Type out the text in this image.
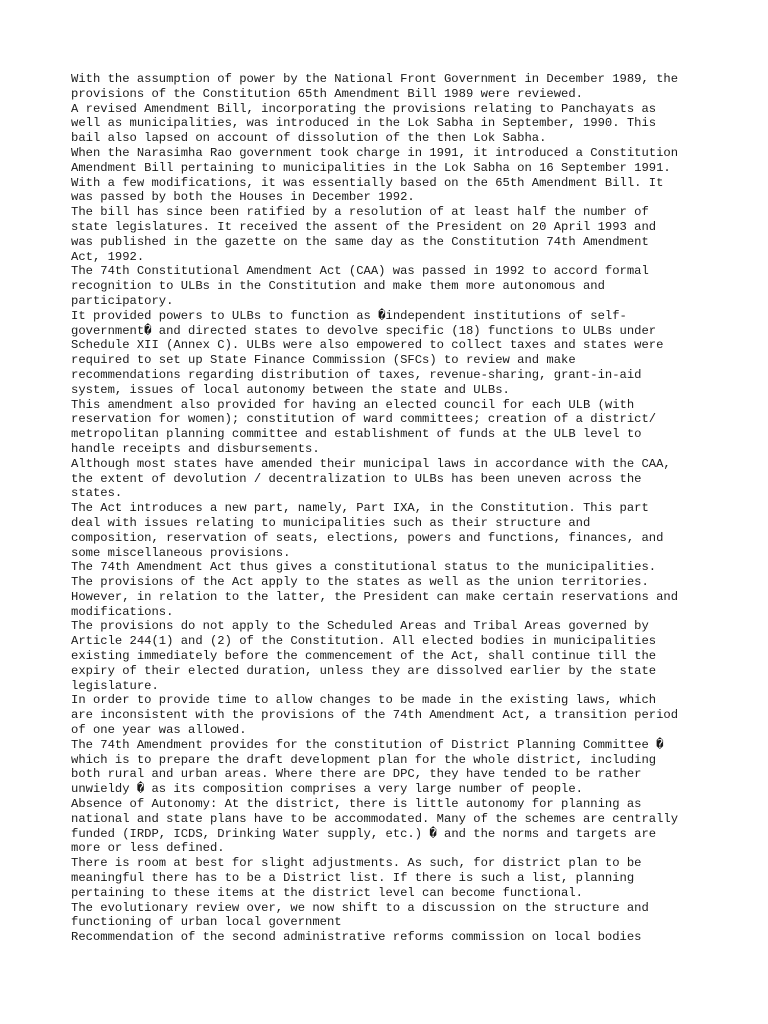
With the assumption of power by the National Front Government in December 1989, the
provisions of the Constitution 65th Amendment Bill 1989 were reviewed.

A revised Amendment Bill, incorporating the provisions relating to Panchayats as
well as municipalities, was introduced in the Lok Sabha in September, 1990. This
bail also lapsed on account of dissolution of the then Lok Sabha.

When the Narasimha Rao government took charge in 1991, it introduced a Constitution
Amendment Bill pertaining to municipalities in the Lok Sabha on 16 September 1991.
With a few modifications, it was essentially based on the 65th Amendment Bill. It
was passed by both the Houses in December 1992.

The bill has since been ratified by a resolution of at least half the number of
state legislatures. It received the assent of the President on 20 April 1993 and
was published in the gazette on the same day as the Constitution 74th Amendment
Act, 1992.

The 74th Constitutional Amendment Act (CAA) was passed in 1992 to accord formal
recognition to ULBs in the Constitution and make them more autonomous and
participatory.

It provided powers to ULBs to function as �independent institutions of self-
government� and directed states to devolve specific (18) functions to ULBs under
Schedule XII (Annex C). ULBs were also empowered to collect taxes and states were
required to set up State Finance Commission (SFCs) to review and make
recommendations regarding distribution of taxes, revenue-sharing, grant-in-aid
system, issues of local autonomy between the state and ULBs.

This amendment also provided for having an elected council for each ULB (with
reservation for women); constitution of ward committees; creation of a district/
metropolitan planning committee and establishment of funds at the ULB level to
handle receipts and disbursements.

Although most states have amended their municipal laws in accordance with the CAA,
the extent of devolution / decentralization to ULBs has been uneven across the
states.

The Act introduces a new part, namely, Part IXA, in the Constitution. This part
deal with issues relating to municipalities such as their structure and
composition, reservation of seats, elections, powers and functions, finances, and
some miscellaneous provisions.

The 74th Amendment Act thus gives a constitutional status to the municipalities.
The provisions of the Act apply to the states as well as the union territories.
However, in relation to the latter, the President can make certain reservations and
modifications.

The provisions do not apply to the Scheduled Areas and Tribal Areas governed by
Article 244(1) and (2) of the Constitution. All elected bodies in municipalities
existing immediately before the commencement of the Act, shall continue till the
expiry of their elected duration, unless they are dissolved earlier by the state
legislature.

In order to provide time to allow changes to be made in the existing laws, which
are inconsistent with the provisions of the 74th Amendment Act, a transition period
of one year was allowed.

The 74th Amendment provides for the constitution of District Planning Committee �
which is to prepare the draft development plan for the whole district, including
both rural and urban areas. Where there are DPC, they have tended to be rather
unwieldy � as its composition comprises a very large number of people.

Absence of Autonomy: At the district, there is little autonomy for planning as
national and state plans have to be accommodated. Many of the schemes are centrally
funded (IRDP, ICDS, Drinking Water supply, etc.) � and the norms and targets are
more or less defined.

There is room at best for slight adjustments. As such, for district plan to be
meaningful there has to be a District list. If there is such a list, planning
pertaining to these items at the district level can become functional.

The evolutionary review over, we now shift to a discussion on the structure and
functioning of urban local government

Recommendation of the second administrative reforms commission on local bodies
